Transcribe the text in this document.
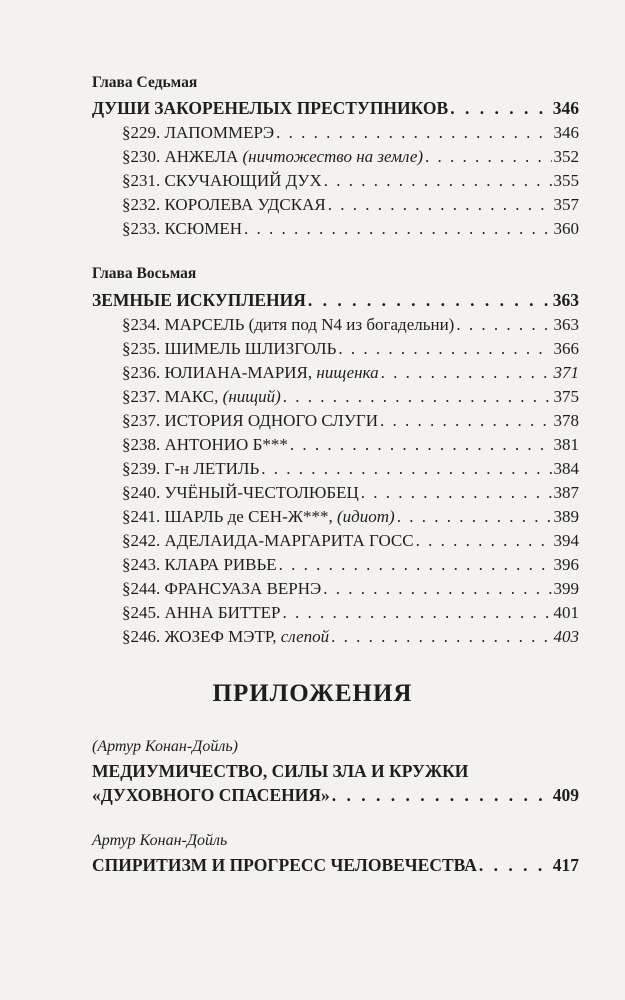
Глава Седьмая
ДУШИ ЗАКОРЕНЕЛЫХ ПРЕСТУПНИКОВ . . .	346
§229. ЛАПОММЕРЭ . . .	346
§230. АНЖЕЛА (ничтожество на земле) . . .	352
§231. СКУЧАЮЩИЙ ДУХ . . .	355
§232. КОРОЛЕВА УДСКАЯ . . .	357
§233. КСЮМЕН . . .	360
Глава Восьмая
ЗЕМНЫЕ ИСКУПЛЕНИЯ . . .	363
§234. МАРСЕЛЬ (дитя под N4 из богадельни) . . .	363
§235. ШИМЕЛЬ ШЛИЗГОЛЬ . . .	366
§236. ЮЛИАНА-МАРИЯ, нищенка . . .	371
§237. МАКС, (нищий) . . .	375
§237. ИСТОРИЯ ОДНОГО СЛУГИ . . .	378
§238. АНТОНИО Б*** . . .	381
§239. Г-н ЛЕТИЛЬ . . .	384
§240. УЧЁНЫЙ-ЧЕСТОЛЮБЕЦ . . .	387
§241. ШАРЛЬ де СЕН-Ж***, (идиот) . . .	389
§242. АДЕЛАИДА-МАРГАРИТА ГОСС . . .	394
§243. КЛАРА РИВЬЕ . . .	396
§244. ФРАНСУАЗА ВЕРНЭ . . .	399
§245. АННА БИТТЕР . . .	401
§246. ЖОЗЕФ МЭТР, слепой . . .	403
ПРИЛОЖЕНИЯ
(Артур Конан-Дойль)
МЕДИУМИЧЕСТВО, СИЛЫ ЗЛА И КРУЖКИ
«ДУХОВНОГО СПАСЕНИЯ» . . .	409
Артур Конан-Дойль
СПИРИТИЗМ И ПРОГРЕСС ЧЕЛОВЕЧЕСТВА . . .	417
